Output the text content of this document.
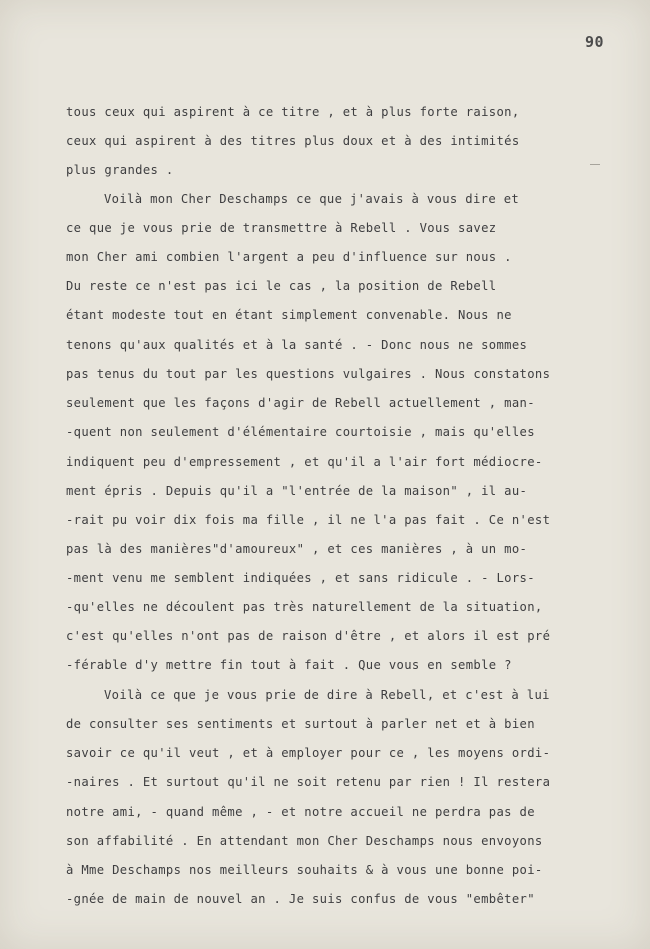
90
tous ceux qui aspirent à ce titre , et à plus forte raison,
ceux qui aspirent à des titres plus doux et à des intimités
plus grandes .
Voilà mon Cher Deschamps ce que j'avais à vous dire et
ce que je vous prie de transmettre à Rebell . Vous savez
mon Cher ami combien l'argent a peu d'influence sur nous .
Du reste ce n'est pas ici le cas , la position de Rebell
étant modeste tout en étant simplement convenable. Nous ne
tenons qu'aux qualités et à la santé . - Donc nous ne sommes
pas tenus du tout par les questions vulgaires . Nous constatons
seulement que les façons d'agir de Rebell actuellement , man-
-quent non seulement d'élémentaire courtoisie , mais qu'elles
indiquent peu d'empressement , et qu'il a l'air fort médiocre-
ment épris . Depuis qu'il a "l'entrée de la maison" , il au-
-rait pu voir dix fois ma fille , il ne l'a pas fait . Ce n'est
pas là des manières"d'amoureux" , et ces manières , à un mo-
-ment venu me semblent indiquées , et sans ridicule . - Lors-
-qu'elles ne découlent pas très naturellement de la situation,
c'est qu'elles n'ont pas de raison d'être , et alors il est pré
-férable d'y mettre fin tout à fait . Que vous en semble ?
Voilà ce que je vous prie de dire à Rebell, et c'est à lui
de consulter ses sentiments et surtout à parler net et à bien
savoir ce qu'il veut , et à employer pour ce , les moyens ordi-
-naires . Et surtout qu'il ne soit retenu par rien ! Il restera
notre ami, - quand même , - et notre accueil ne perdra pas de
son affabilité . En attendant mon Cher Deschamps nous envoyons
à Mme Deschamps nos meilleurs souhaits & à vous une bonne poi-
-gnée de main de nouvel an . Je suis confus de vous "embêter"
